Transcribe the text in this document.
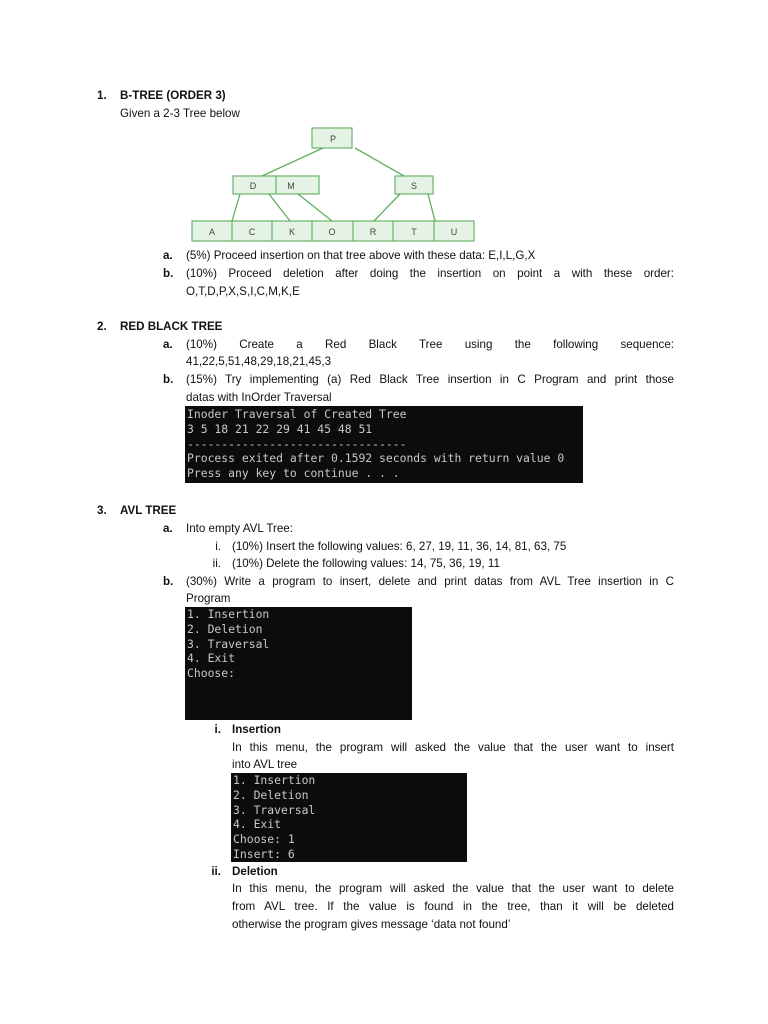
1. B-TREE (ORDER 3)
Given a 2-3 Tree below
P
D	M	S
A	C	K	O	R	T	U
a. (5%) Proceed insertion on that tree above with these data: E,I,L,G,X
b. (10%) Proceed deletion after doing the insertion on point a with these order:
O,T,D,P,X,S,I,C,M,K,E
2. RED BLACK TREE
a. (10%) Create a Red Black Tree using the following sequence:
41,22,5,51,48,29,18,21,45,3
b. (15%) Try implementing (a) Red Black Tree insertion in C Program and print those
datas with InOrder Traversal
Inoder Traversal of Created Tree
3 5 18 21 22 29 41 45 48 51
--------------------------------
Process exited after 0.1592 seconds with return value 0
Press any key to continue . . .
3. AVL TREE
a. Into empty AVL Tree:
i. (10%) Insert the following values: 6, 27, 19, 11, 36, 14, 81, 63, 75
ii. (10%) Delete the following values: 14, 75, 36, 19, 11
b. (30%) Write a program to insert, delete and print datas from AVL Tree insertion in C
Program
1. Insertion
2. Deletion
3. Traversal
4. Exit
Choose:
i. Insertion
In this menu, the program will asked the value that the user want to insert
into AVL tree
1. Insertion
2. Deletion
3. Traversal
4. Exit
Choose: 1
Insert: 6
ii. Deletion
In this menu, the program will asked the value that the user want to delete
from AVL tree. If the value is found in the tree, than it will be deleted
otherwise the program gives message ‘data not found’
